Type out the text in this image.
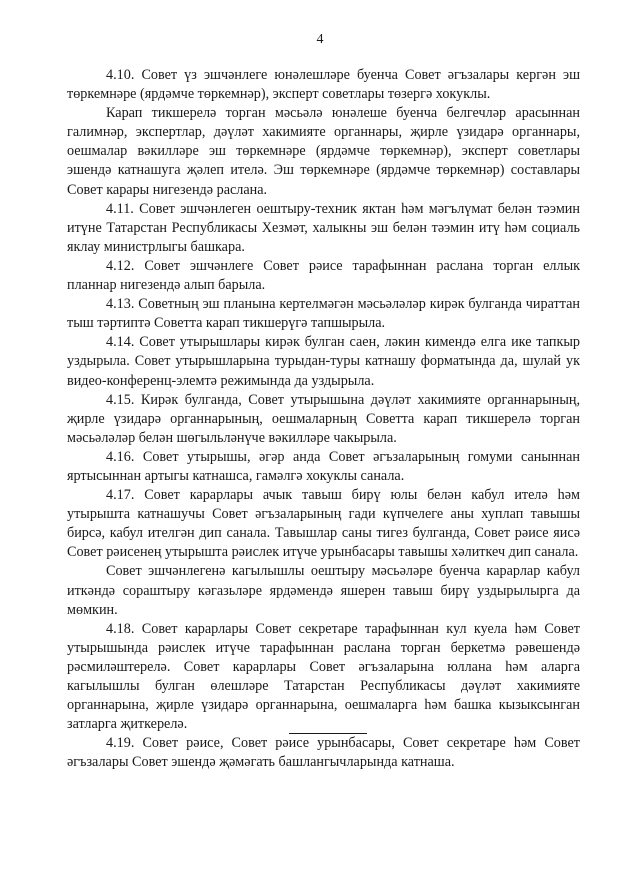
4

4.10. Совет үз эшчәнлеге юнәлешләре буенча Совет әгъзалары кергән эш төркемнәре (ярдәмче төркемнәр), эксперт советлары төзергә хокуклы.

Карап тикшерелә торган мәсьәлә юнәлеше буенча белгечләр арасыннан галимнәр, экспертлар, дәүләт хакимияте органнары, җирле үзидарә органнары, оешмалар вәкилләре эш төркемнәре (ярдәмче төркемнәр), эксперт советлары эшендә катнашуга җәлеп ителә. Эш төркемнәре (ярдәмче төркемнәр) составлары Совет карары нигезендә раслана.

4.11. Совет эшчәнлеген оештыру-техник яктан һәм мәгълүмат белән тәэмин итүне Татарстан Республикасы Хезмәт, халыкны эш белән тәэмин итү һәм социаль яклау министрлыгы башкара.

4.12. Совет эшчәнлеге Совет рәисе тарафыннан раслана торган еллык планнар нигезендә алып барыла.

4.13. Советның эш планына кертелмәгән мәсьәләләр кирәк булганда чираттан тыш тәртиптә Советта карап тикшерүгә тапшырыла.

4.14. Совет утырышлары кирәк булган саен, ләкин кимендә елга ике тапкыр уздырыла. Совет утырышларына турыдан-туры катнашу форматында да, шулай ук видео-конференц-элемтә режимында да уздырыла.

4.15. Кирәк булганда, Совет утырышына дәүләт хакимияте органнарының, җирле үзидарә органнарының, оешмаларның Советта карап тикшерелә торган мәсьәләләр белән шөгыльләнүче вәкилләре чакырыла.

4.16. Совет утырышы, әгәр анда Совет әгъзаларының гомуми саныннан яртысыннан артыгы катнашса, гамәлгә хокуклы санала.

4.17. Совет карарлары ачык тавыш бирү юлы белән кабул ителә һәм утырышта катнашучы Совет әгъзаларының гади күпчелеге аны хуплап тавышы бирсә, кабул ителгән дип санала. Тавышлар саны тигез булганда, Совет рәисе яисә Совет рәисенең утырышта рәислек итүче урынбасары тавышы хәлиткеч дип санала.

Совет эшчәнлегенә кагылышлы оештыру мәсьәләре буенча карарлар кабул иткәндә сораштыру кәгазьләре ярдәмендә яшерен тавыш бирү уздырылырга да мөмкин.

4.18. Совет карарлары Совет секретаре тарафыннан кул куела һәм Совет утырышында рәислек итүче тарафыннан раслана торган беркетмә рәвешендә рәсмиләштерелә. Совет карарлары Совет әгъзаларына юллана һәм аларга кагылышлы булган өлешләре Татарстан Республикасы дәүләт хакимияте органнарына, җирле үзидарә органнарына, оешмаларга һәм башка кызыксынган затларга җиткерелә.

4.19. Совет рәисе, Совет рәисе урынбасары, Совет секретаре һәм Совет әгъзалары Совет эшендә җәмәгать башлангычларында катнаша.
